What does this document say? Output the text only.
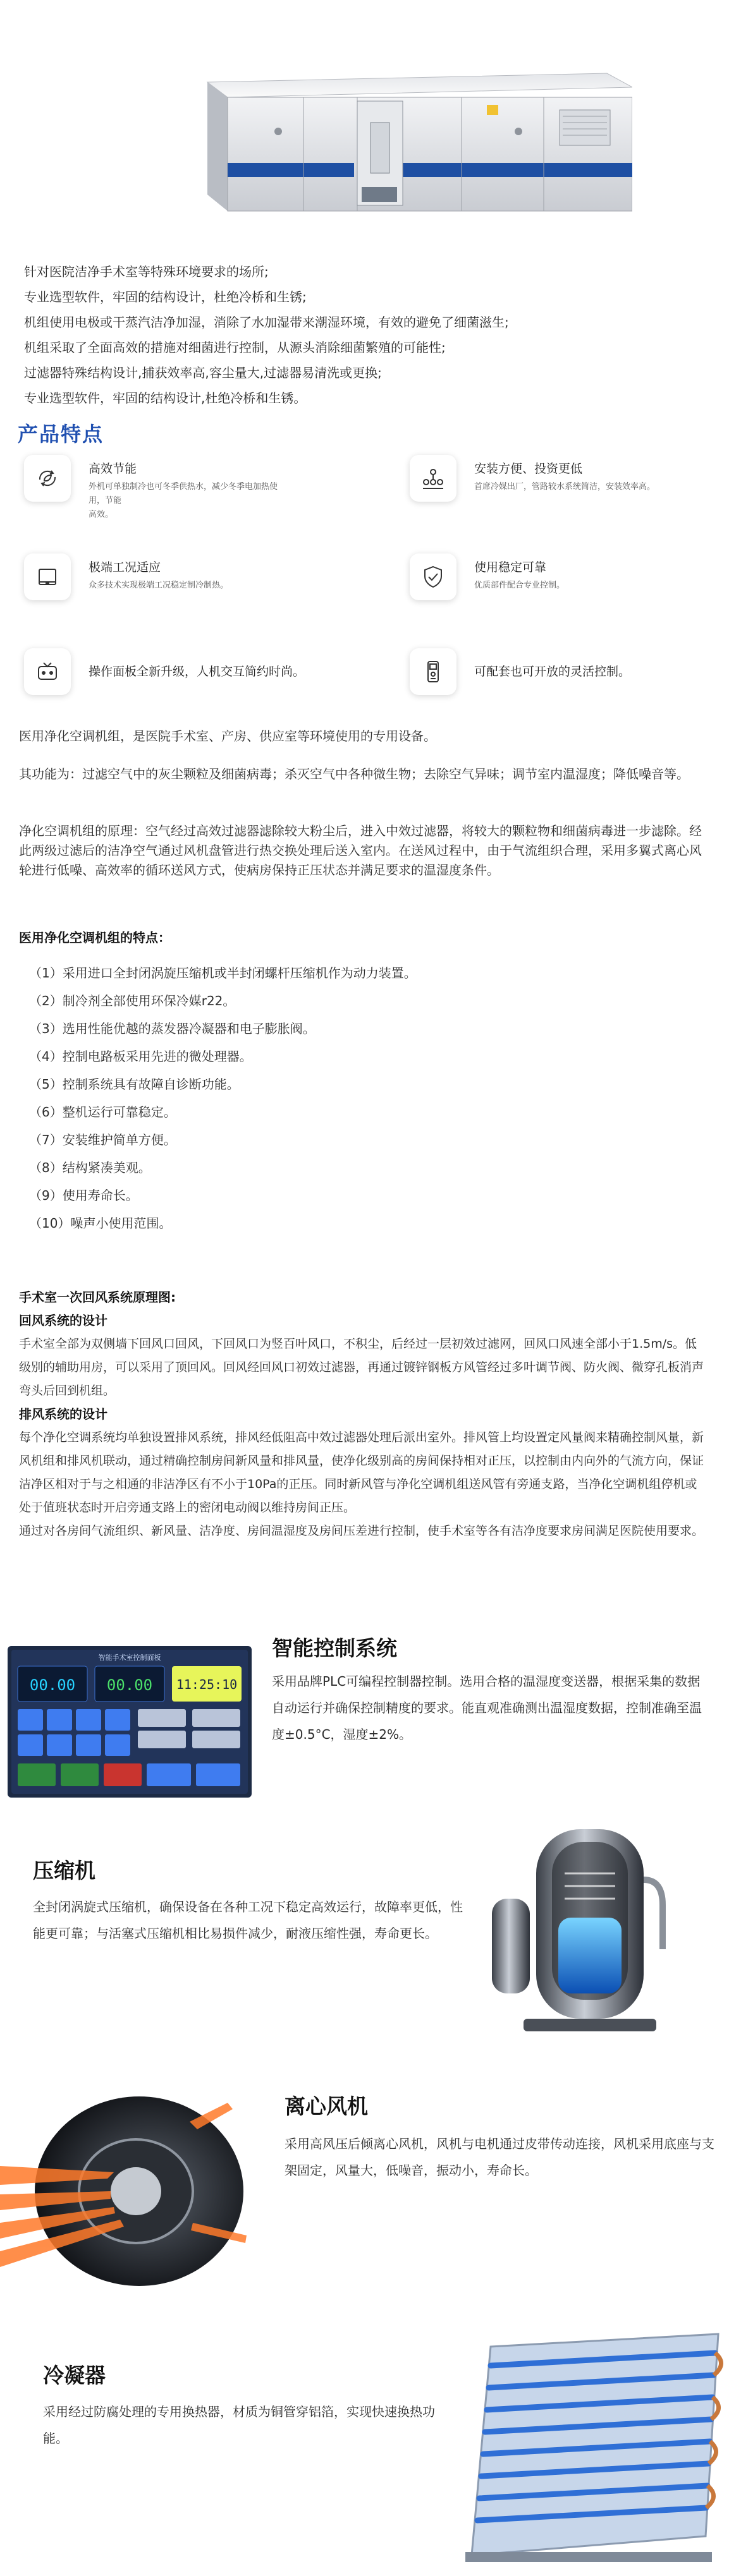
针对医院洁净手术室等特殊环境要求的场所;

专业选型软件，牢固的结构设计，杜绝冷桥和生锈;

机组使用电极或干蒸汽洁净加湿，消除了水加湿带来潮湿环境，有效的避免了细菌滋生;

机组采取了全面高效的措施对细菌进行控制，从源头消除细菌繁殖的可能性;

过滤器特殊结构设计,捕获效率高,容尘量大,过滤器易清洗或更换;

专业选型软件，牢固的结构设计,杜绝冷桥和生锈。

产品特点
高效节能
外机可单独制冷也可冬季供热水，减少冬季电加热使用，节能
高效。
安装方便、投资更低
首席冷媒出厂，管路较水系统简洁，安装效率高。
极端工况适应
众多技术实现极端工况稳定制冷制热。
使用稳定可靠
优质部件配合专业控制。
操作面板全新升级，人机交互简约时尚。	可配套也可开放的灵活控制。
医用净化空调机组，是医院手术室、产房、供应室等环境使用的专用设备。
其功能为：过滤空气中的灰尘颗粒及细菌病毒；杀灭空气中各种微生物；去除空气异味；调节室内温湿度；降低噪音等。
净化空调机组的原理：空气经过高效过滤器滤除较大粉尘后，进入中效过滤器，将较大的颗粒物和细菌病毒进一步滤除。经此两级过滤后的洁净空气通过风机盘管进行热交换处理后送入室内。在送风过程中，由于气流组织合理，采用多翼式离心风轮进行低噪、高效率的循环送风方式，使病房保持正压状态并满足要求的温湿度条件。
医用净化空调机组的特点：
（1）采用进口全封闭涡旋压缩机或半封闭螺杆压缩机作为动力装置。
（2）制冷剂全部使用环保冷媒r22。
（3）选用性能优越的蒸发器冷凝器和电子膨胀阀。
（4）控制电路板采用先进的微处理器。
（5）控制系统具有故障自诊断功能。
（6）整机运行可靠稳定。
（7）安装维护简单方便。
（8）结构紧凑美观。
（9）使用寿命长。
（10）噪声小使用范围。
手术室一次回风系统原理图:
回风系统的设计

手术室全部为双侧墙下回风口回风，下回风口为竖百叶风口，不积尘，后经过一层初效过滤网，回风口风速全部小于1.5m/s。低级别的辅助用房，可以采用了顶回风。回风经回风口初效过滤器，再通过镀锌钢板方风管经过多叶调节阀、防火阀、微穿孔板消声弯头后回到机组。

排风系统的设计

每个净化空调系统均单独设置排风系统，排风经低阻高中效过滤器处理后派出室外。排风管上均设置定风量阀来精确控制风量，新风机组和排风机联动，通过精确控制房间新风量和排风量，使净化级别高的房间保持相对正压，以控制由内向外的气流方向，保证洁净区相对于与之相通的非洁净区有不小于10Pa的正压。同时新风管与净化空调机组送风管有旁通支路，当净化空调机组停机或处于值班状态时开启旁通支路上的密闭电动阀以维持房间正压。

通过对各房间气流组织、新风量、洁净度、房间温湿度及房间压差进行控制，使手术室等各有洁净度要求房间满足医院使用要求。

智能手术室控制面板
00.00 00.00 11:25:10
智能控制系统
采用品牌PLC可编程控制器控制。选用合格的温湿度变送器，根据采集的数据自动运行并确保控制精度的要求。能直观准确测出温湿度数据，控制准确至温度±0.5°C，湿度±2%。
压缩机
全封闭涡旋式压缩机，确保设备在各种工况下稳定高效运行，故障率更低，性能更可靠；与活塞式压缩机相比易损件减少，耐液压缩性强，寿命更长。
离心风机
采用高风压后倾离心风机，风机与电机通过皮带传动连接，风机采用底座与支架固定，风量大，低噪音，振动小，寿命长。
冷凝器
采用经过防腐处理的专用换热器，材质为铜管穿铝箔，实现快速换热功能。
